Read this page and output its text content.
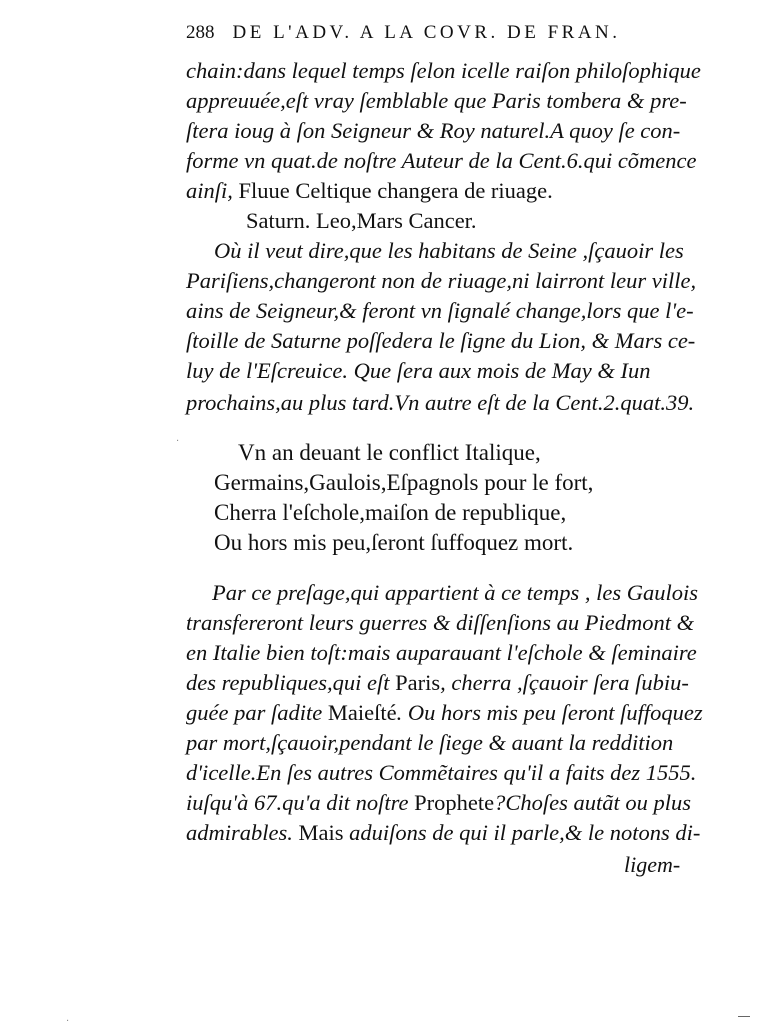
288 DE L'ADV. A LA COVR. DE FRAN.
chain:dans lequel temps ſelon icelle raiſon philoſophique
appreuuée,eſt vray ſemblable que Paris tombera & pre-
ſtera ioug à ſon Seigneur & Roy naturel.A quoy ſe con-
forme vn quat.de noſtre Auteur de la Cent.6.qui cõmence
ainſi, Fluue Celtique changera de riuage.
Saturn. Leo,Mars Cancer.
Où il veut dire,que les habitans de Seine ,ſçauoir les
Pariſiens,changeront non de riuage,ni lairront leur ville,
ains de Seigneur,& feront vn ſignalé change,lors que l'e-
ſtoille de Saturne poſſedera le ſigne du Lion, & Mars ce-
luy de l'Eſcreuice. Que ſera aux mois de May & Iun
prochains,au plus tard.Vn autre eſt de la Cent.2.quat.39.
Vn an deuant le conflict Italique,
Germains,Gaulois,Eſpagnols pour le fort,
Cherra l'eſchole,maiſon de republique,
Ou hors mis peu,ſeront ſuffoquez mort.
Par ce preſage,qui appartient à ce temps , les Gaulois
transfereront leurs guerres & diſſenſions au Piedmont &
en Italie bien toſt:mais auparauant l'eſchole & ſeminaire
des republiques,qui eſt Paris, cherra ,ſçauoir ſera ſubiu-
guée par ſadite Maieſté. Ou hors mis peu ſeront ſuffoquez
par mort,ſçauoir,pendant le ſiege & auant la reddition
d'icelle.En ſes autres Commẽtaires qu'il a faits dez 1555.
iuſqu'à 67.qu'a dit noſtre Prophete?Choſes autãt ou plus
admirables. Mais aduiſons de qui il parle,& le notons di-
ligem-
·
·
